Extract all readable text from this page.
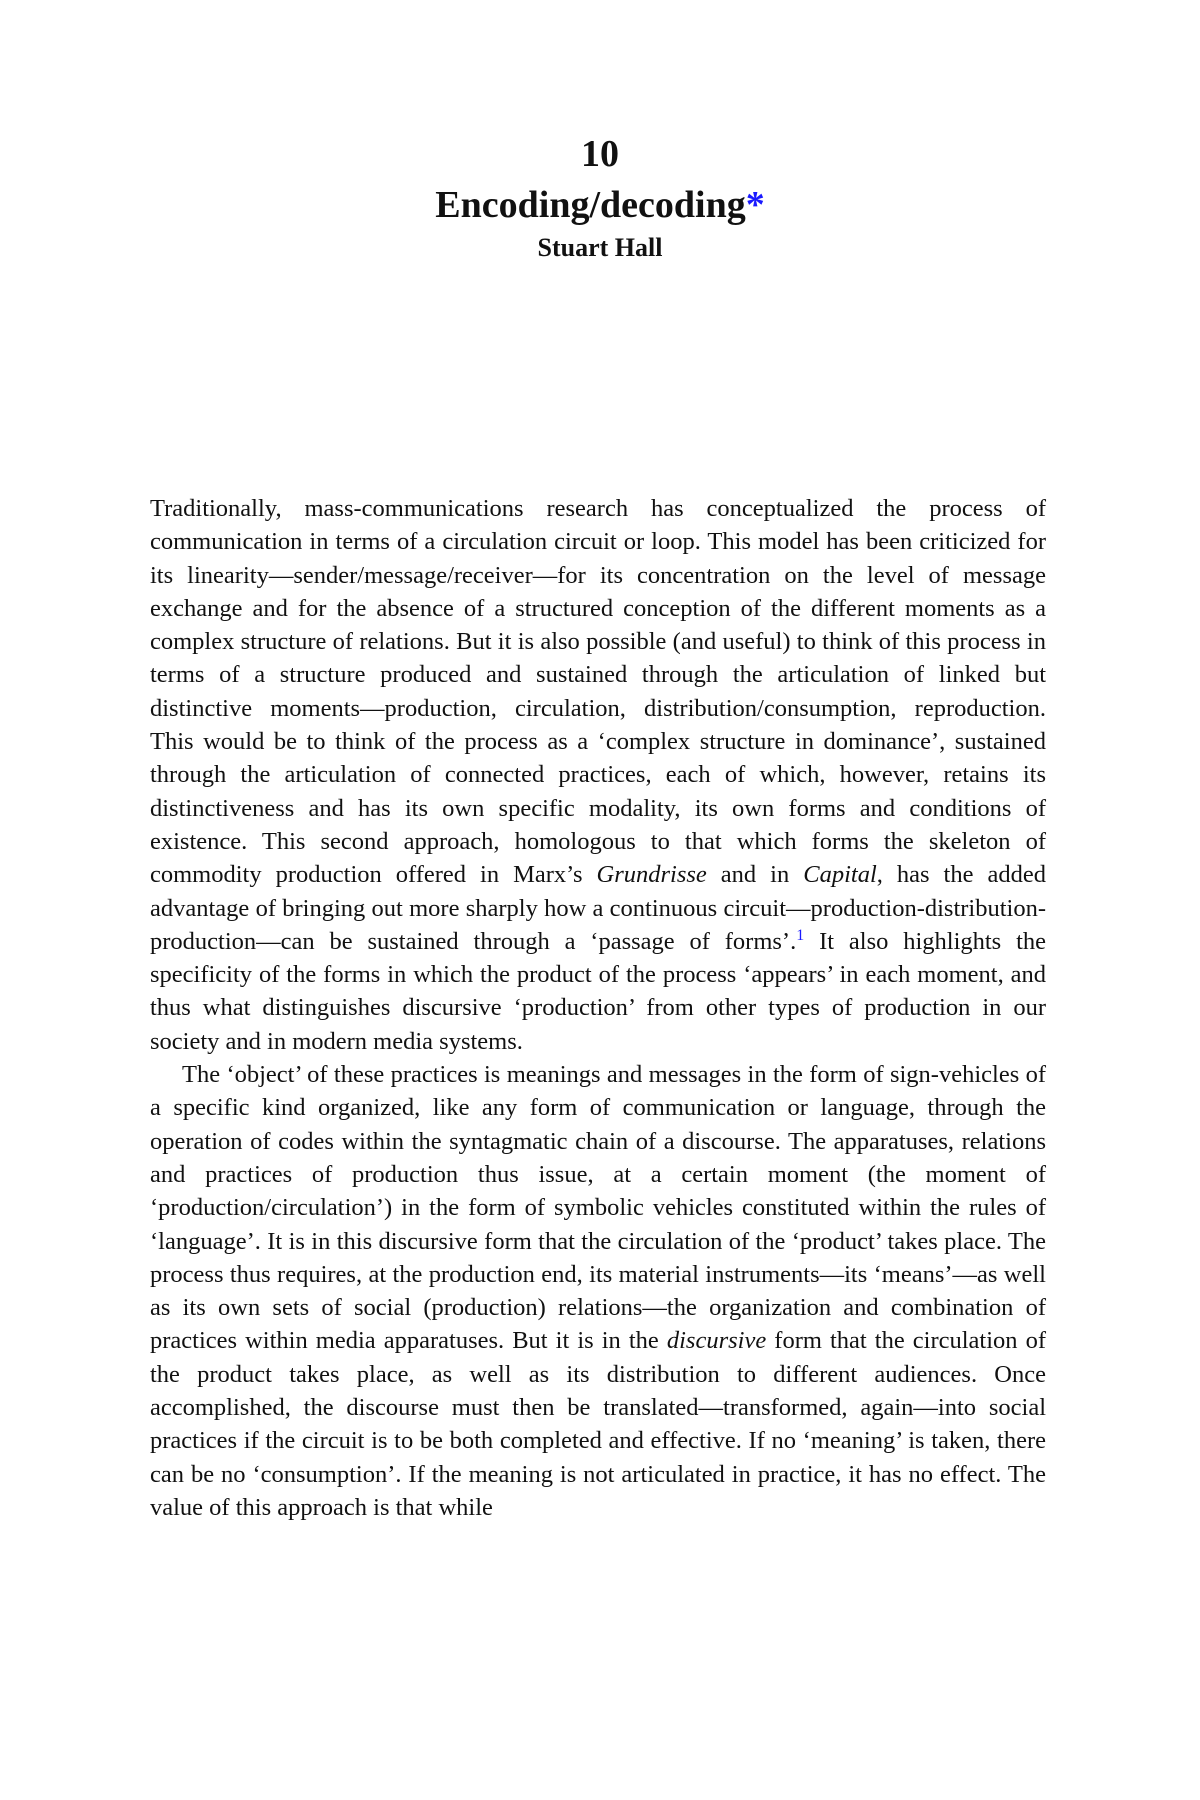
10
Encoding/decoding*
Stuart Hall

Traditionally, mass-communications research has conceptualized the process of communication in terms of a circulation circuit or loop. This model has been criticized for its linearity—sender/message/receiver—for its concentration on the level of message exchange and for the absence of a structured conception of the different moments as a complex structure of relations. But it is also possible (and useful) to think of this process in terms of a structure produced and sustained through the articulation of linked but distinctive moments—production, circulation, distribution/consumption, reproduction. This would be to think of the process as a ‘complex structure in dominance’, sustained through the articulation of connected practices, each of which, however, retains its distinctiveness and has its own specific modality, its own forms and conditions of existence. This second approach, homologous to that which forms the skeleton of commodity production offered in Marx’s Grundrisse and in Capital, has the added advantage of bringing out more sharply how a continuous circuit—production-distribution-production—can be sustained through a ‘passage of forms’.$^1$ It also highlights the specificity of the forms in which the product of the process ‘appears’ in each moment, and thus what distinguishes discursive ‘production’ from other types of production in our society and in modern media systems.

The ‘object’ of these practices is meanings and messages in the form of sign-vehicles of a specific kind organized, like any form of communication or language, through the operation of codes within the syntagmatic chain of a discourse. The apparatuses, relations and practices of production thus issue, at a certain moment (the moment of ‘production/circulation’) in the form of symbolic vehicles constituted within the rules of ‘language’. It is in this discursive form that the circulation of the ‘product’ takes place. The process thus requires, at the production end, its material instruments—its ‘means’—as well as its own sets of social (production) relations—the organization and combination of practices within media apparatuses. But it is in the discursive form that the circulation of the product takes place, as well as its distribution to different audiences. Once accomplished, the discourse must then be translated—transformed, again—into social practices if the circuit is to be both completed and effective. If no ‘meaning’ is taken, there can be no ‘consumption’. If the meaning is not articulated in practice, it has no effect. The value of this approach is that while
